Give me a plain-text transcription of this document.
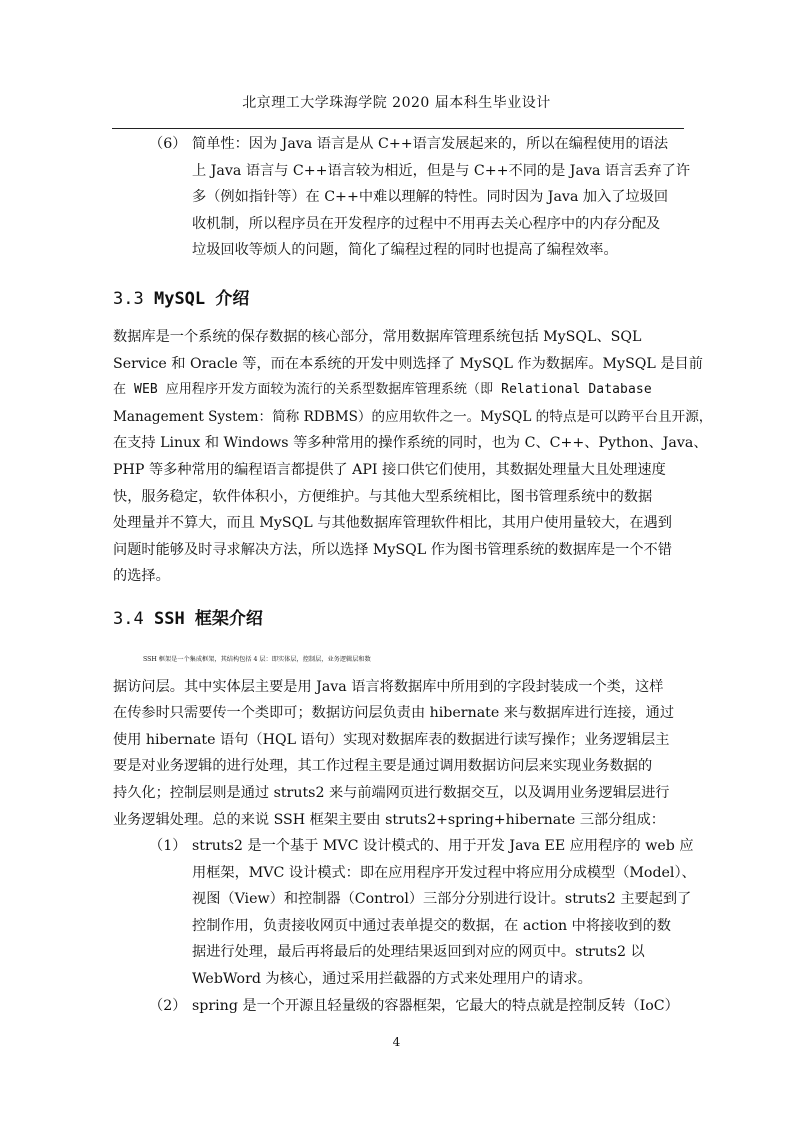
北京理工大学珠海学院 2020 届本科生毕业设计
（6） 简单性：因为 Java 语言是从 C++语言发展起来的，所以在编程使用的语法
上 Java 语言与 C++语言较为相近，但是与 C++不同的是 Java 语言丢弃了许
多（例如指针等）在 C++中难以理解的特性。同时因为 Java 加入了垃圾回
收机制，所以程序员在开发程序的过程中不用再去关心程序中的内存分配及
垃圾回收等烦人的问题，简化了编程过程的同时也提高了编程效率。
3.3 MySQL 介绍
数据库是一个系统的保存数据的核心部分，常用数据库管理系统包括 MySQL、SQL
Service 和 Oracle 等，而在本系统的开发中则选择了 MySQL 作为数据库。MySQL 是目前
在 WEB 应用程序开发方面较为流行的关系型数据库管理系统（即 Relational Database
Management System：简称 RDBMS）的应用软件之一。MySQL 的特点是可以跨平台且开源，
在支持 Linux 和 Windows 等多种常用的操作系统的同时，也为 C、C++、Python、Java、
PHP 等多种常用的编程语言都提供了 API 接口供它们使用，其数据处理量大且处理速度
快，服务稳定，软件体积小，方便维护。与其他大型系统相比，图书管理系统中的数据
处理量并不算大，而且 MySQL 与其他数据库管理软件相比，其用户使用量较大，在遇到
问题时能够及时寻求解决方法，所以选择 MySQL 作为图书管理系统的数据库是一个不错
的选择。
3.4 SSH 框架介绍
SSH 框架是一个集成框架，其结构包括 4 层：即实体层，控制层，业务逻辑层和数
据访问层。其中实体层主要是用 Java 语言将数据库中所用到的字段封装成一个类，这样
在传参时只需要传一个类即可；数据访问层负责由 hibernate 来与数据库进行连接，通过
使用 hibernate 语句（HQL 语句）实现对数据库表的数据进行读写操作；业务逻辑层主
要是对业务逻辑的进行处理，其工作过程主要是通过调用数据访问层来实现业务数据的
持久化；控制层则是通过 struts2 来与前端网页进行数据交互，以及调用业务逻辑层进行
业务逻辑处理。总的来说 SSH 框架主要由 struts2+spring+hibernate 三部分组成：
（1） struts2 是一个基于 MVC 设计模式的、用于开发 Java EE 应用程序的 web 应
用框架，MVC 设计模式：即在应用程序开发过程中将应用分成模型（Model）、
视图（View）和控制器（Control）三部分分别进行设计。struts2 主要起到了
控制作用，负责接收网页中通过表单提交的数据，在 action 中将接收到的数
据进行处理，最后再将最后的处理结果返回到对应的网页中。struts2 以
WebWord 为核心，通过采用拦截器的方式来处理用户的请求。
（2） spring 是一个开源且轻量级的容器框架，它最大的特点就是控制反转（IoC）
4
